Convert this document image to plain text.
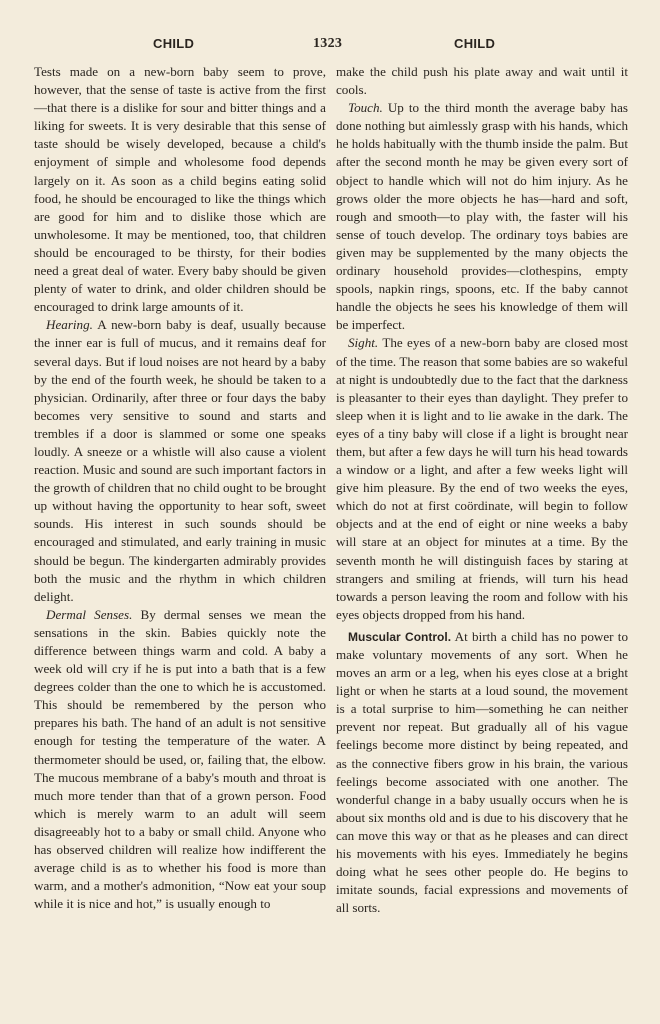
CHILD	1323	CHILD

Tests made on a new-born baby seem to prove, however, that the sense of taste is active from the first—that there is a dislike for sour and bitter things and a liking for sweets. It is very desirable that this sense of taste should be wisely developed, because a child's enjoyment of simple and wholesome food depends largely on it. As soon as a child begins eating solid food, he should be encouraged to like the things which are good for him and to dislike those which are unwholesome. It may be mentioned, too, that children should be encouraged to be thirsty, for their bodies need a great deal of water. Every baby should be given plenty of water to drink, and older children should be encouraged to drink large amounts of it.

Hearing. A new-born baby is deaf, usually because the inner ear is full of mucus, and it remains deaf for several days. But if loud noises are not heard by a baby by the end of the fourth week, he should be taken to a physician. Ordinarily, after three or four days the baby becomes very sensitive to sound and starts and trembles if a door is slammed or some one speaks loudly. A sneeze or a whistle will also cause a violent reaction. Music and sound are such important factors in the growth of children that no child ought to be brought up without having the opportunity to hear soft, sweet sounds. His interest in such sounds should be encouraged and stimulated, and early training in music should be begun. The kindergarten admirably provides both the music and the rhythm in which children delight.

Dermal Senses. By dermal senses we mean the sensations in the skin. Babies quickly note the difference between things warm and cold. A baby a week old will cry if he is put into a bath that is a few degrees colder than the one to which he is accustomed. This should be remembered by the person who prepares his bath. The hand of an adult is not sensitive enough for testing the temperature of the water. A thermometer should be used, or, failing that, the elbow. The mucous membrane of a baby's mouth and throat is much more tender than that of a grown person. Food which is merely warm to an adult will seem disagreeably hot to a baby or small child. Anyone who has observed children will realize how indifferent the average child is as to whether his food is more than warm, and a mother's admonition, “Now eat your soup while it is nice and hot,” is usually enough to

make the child push his plate away and wait until it cools.

Touch. Up to the third month the average baby has done nothing but aimlessly grasp with his hands, which he holds habitually with the thumb inside the palm. But after the second month he may be given every sort of object to handle which will not do him injury. As he grows older the more objects he has—hard and soft, rough and smooth—to play with, the faster will his sense of touch develop. The ordinary toys babies are given may be supplemented by the many objects the ordinary household provides—clothespins, empty spools, napkin rings, spoons, etc. If the baby cannot handle the objects he sees his knowledge of them will be imperfect.

Sight. The eyes of a new-born baby are closed most of the time. The reason that some babies are so wakeful at night is undoubtedly due to the fact that the darkness is pleasanter to their eyes than daylight. They prefer to sleep when it is light and to lie awake in the dark. The eyes of a tiny baby will close if a light is brought near them, but after a few days he will turn his head towards a window or a light, and after a few weeks light will give him pleasure. By the end of two weeks the eyes, which do not at first coördinate, will begin to follow objects and at the end of eight or nine weeks a baby will stare at an object for minutes at a time. By the seventh month he will distinguish faces by staring at strangers and smiling at friends, will turn his head towards a person leaving the room and follow with his eyes objects dropped from his hand.

Muscular Control. At birth a child has no power to make voluntary movements of any sort. When he moves an arm or a leg, when his eyes close at a bright light or when he starts at a loud sound, the movement is a total surprise to him—something he can neither prevent nor repeat. But gradually all of his vague feelings become more distinct by being repeated, and as the connective fibers grow in his brain, the various feelings become associated with one another. The wonderful change in a baby usually occurs when he is about six months old and is due to his discovery that he can move this way or that as he pleases and can direct his movements with his eyes. Immediately he begins doing what he sees other people do. He begins to imitate sounds, facial expressions and movements of all sorts.
